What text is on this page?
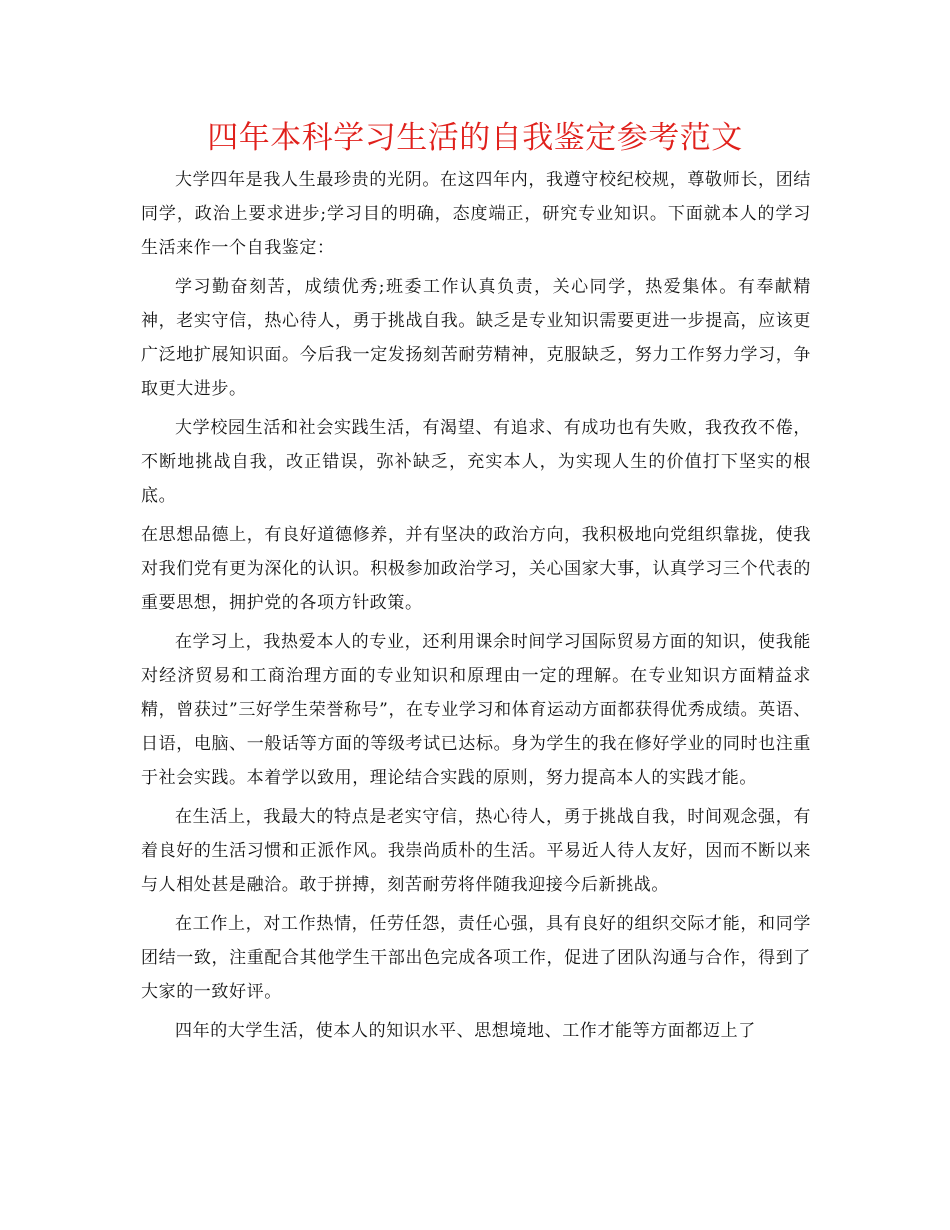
四年本科学习生活的自我鉴定参考范文

大学四年是我人生最珍贵的光阴。在这四年内，我遵守校纪校规，尊敬师长，团结同学，政治上要求进步;学习目的明确，态度端正，研究专业知识。下面就本人的学习生活来作一个自我鉴定：

学习勤奋刻苦，成绩优秀;班委工作认真负责，关心同学，热爱集体。有奉献精神，老实守信，热心待人，勇于挑战自我。缺乏是专业知识需要更进一步提高，应该更广泛地扩展知识面。今后我一定发扬刻苦耐劳精神，克服缺乏，努力工作努力学习，争取更大进步。

大学校园生活和社会实践生活，有渴望、有追求、有成功也有失败，我孜孜不倦，不断地挑战自我，改正错误，弥补缺乏，充实本人，为实现人生的价值打下坚实的根底。

在思想品德上，有良好道德修养，并有坚决的政治方向，我积极地向党组织靠拢，使我对我们党有更为深化的认识。积极参加政治学习，关心国家大事，认真学习三个代表的重要思想，拥护党的各项方针政策。

在学习上，我热爱本人的专业，还利用课余时间学习国际贸易方面的知识，使我能对经济贸易和工商治理方面的专业知识和原理由一定的理解。在专业知识方面精益求精，曾获过”三好学生荣誉称号”，在专业学习和体育运动方面都获得优秀成绩。英语、日语，电脑、一般话等方面的等级考试已达标。身为学生的我在修好学业的同时也注重于社会实践。本着学以致用，理论结合实践的原则，努力提高本人的实践才能。

在生活上，我最大的特点是老实守信，热心待人，勇于挑战自我，时间观念强，有着良好的生活习惯和正派作风。我崇尚质朴的生活。平易近人待人友好，因而不断以来与人相处甚是融洽。敢于拼搏，刻苦耐劳将伴随我迎接今后新挑战。

在工作上，对工作热情，任劳任怨，责任心强，具有良好的组织交际才能，和同学团结一致，注重配合其他学生干部出色完成各项工作，促进了团队沟通与合作，得到了大家的一致好评。

四年的大学生活，使本人的知识水平、思想境地、工作才能等方面都迈上了
